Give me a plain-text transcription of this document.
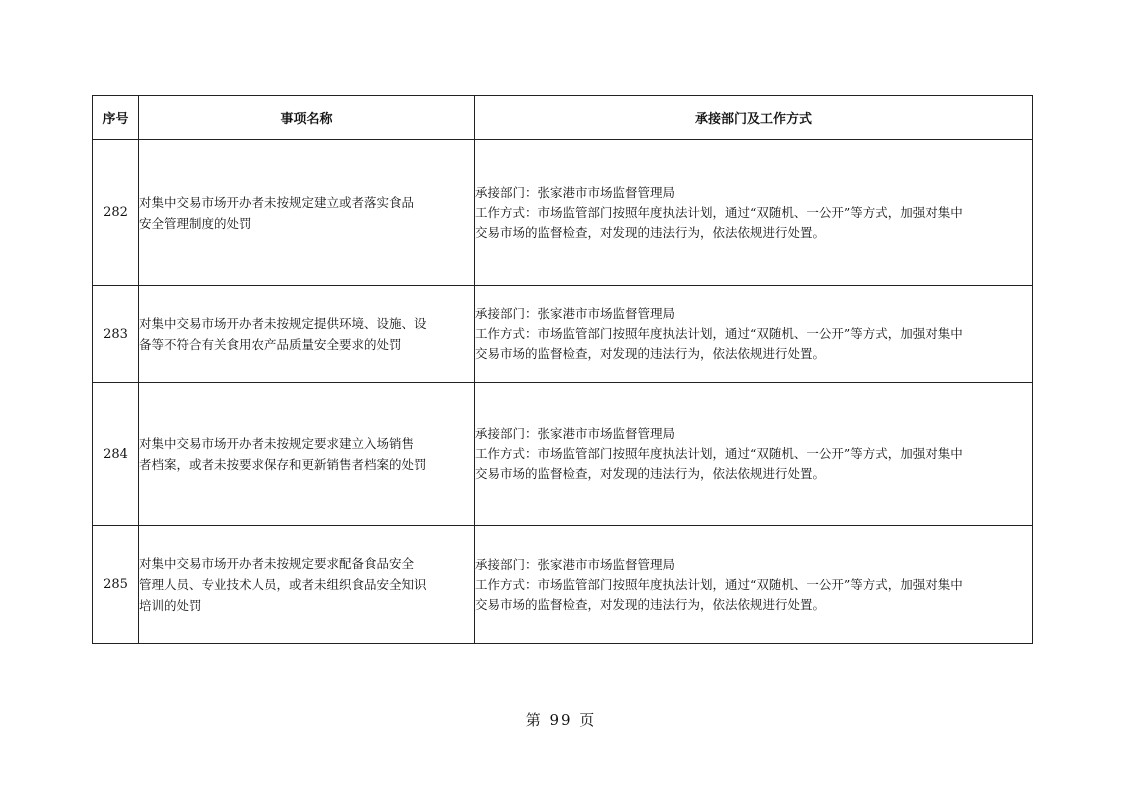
序号	事项名称	承接部门及工作方式
282	对集中交易市场开办者未按规定建立或者落实食品
安全管理制度的处罚	承接部门：张家港市市场监督管理局
工作方式：市场监管部门按照年度执法计划，通过“双随机、一公开”等方式，加强对集中
交易市场的监督检查，对发现的违法行为，依法依规进行处置。

283	对集中交易市场开办者未按规定提供环境、设施、设
备等不符合有关食用农产品质量安全要求的处罚	承接部门：张家港市市场监督管理局
工作方式：市场监管部门按照年度执法计划，通过“双随机、一公开”等方式，加强对集中
交易市场的监督检查，对发现的违法行为，依法依规进行处置。

284	对集中交易市场开办者未按规定要求建立入场销售
者档案，或者未按要求保存和更新销售者档案的处罚	承接部门：张家港市市场监督管理局
工作方式：市场监管部门按照年度执法计划，通过“双随机、一公开”等方式，加强对集中
交易市场的监督检查，对发现的违法行为，依法依规进行处置。

285	对集中交易市场开办者未按规定要求配备食品安全
管理人员、专业技术人员，或者未组织食品安全知识
培训的处罚	承接部门：张家港市市场监督管理局
工作方式：市场监管部门按照年度执法计划，通过“双随机、一公开”等方式，加强对集中
交易市场的监督检查，对发现的违法行为，依法依规进行处置。
第 99 页
